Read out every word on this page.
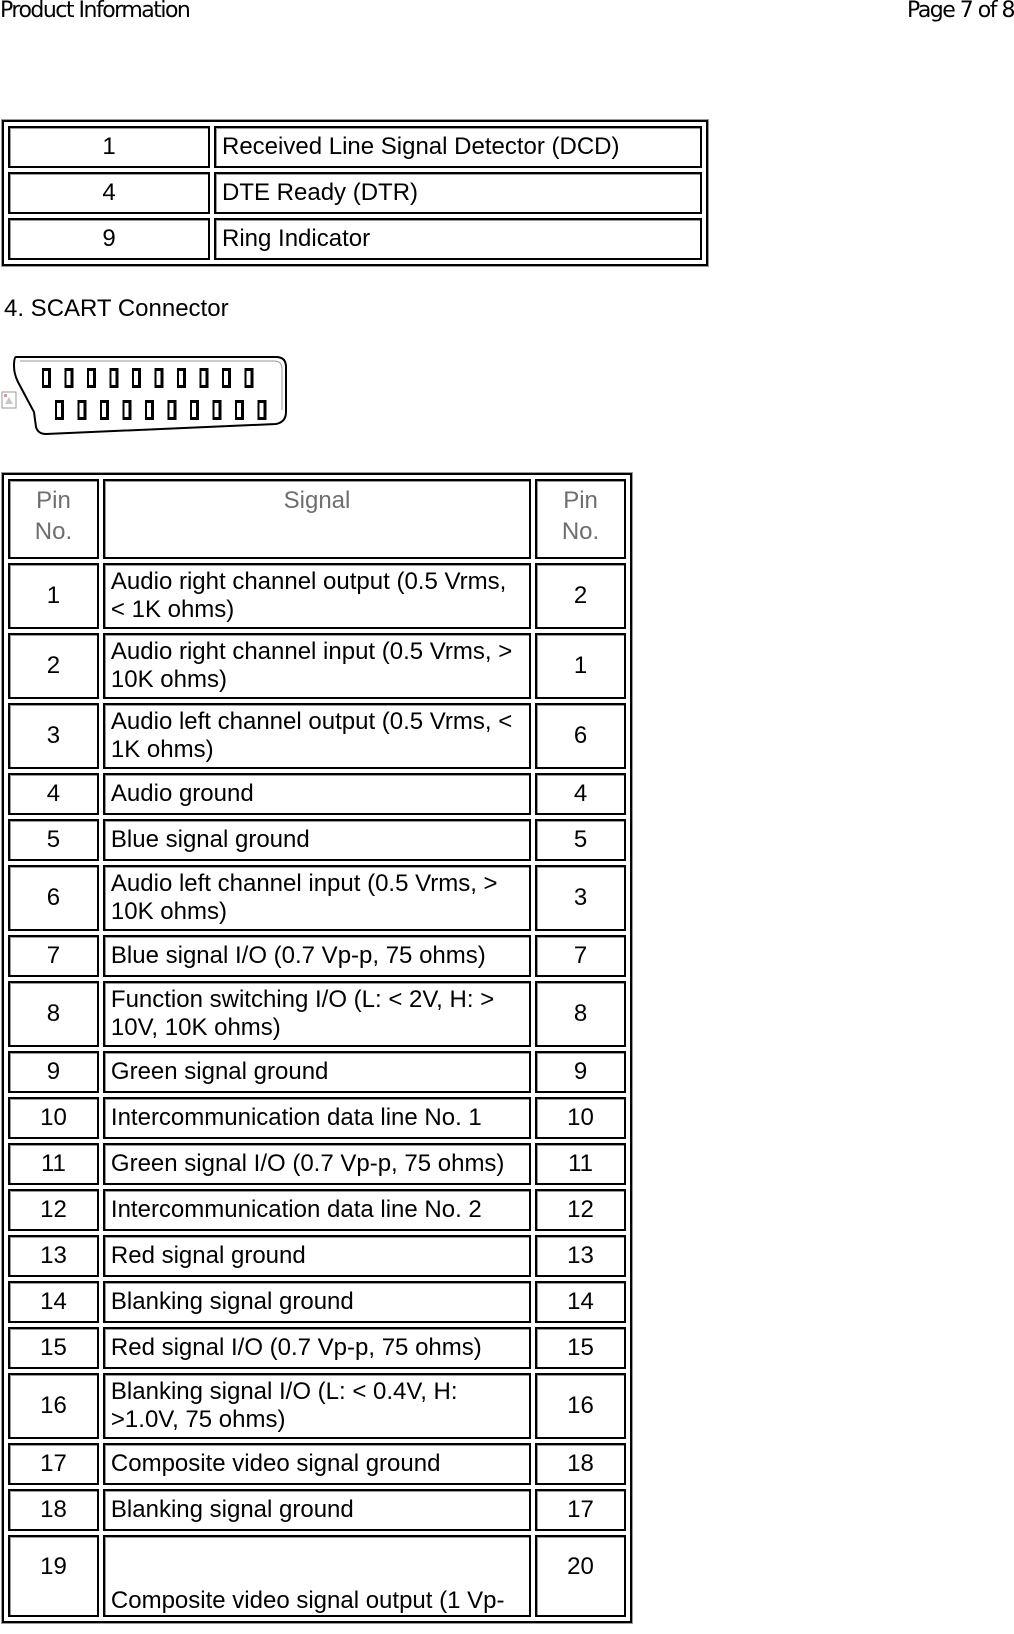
Product Information	Page 7 of 8
1	Received Line Signal Detector (DCD)
4	DTE Ready (DTR)
9	Ring Indicator
4. SCART Connector
Pin No.	Signal	Pin No.
1	Audio right channel output (0.5 Vrms, < 1K ohms)	2
2	Audio right channel input (0.5 Vrms, > 10K ohms)	1
3	Audio left channel output (0.5 Vrms, < 1K ohms)	6
4	Audio ground	4
5	Blue signal ground	5
6	Audio left channel input (0.5 Vrms, > 10K ohms)	3
7	Blue signal I/O (0.7 Vp-p, 75 ohms)	7
8	Function switching I/O (L: < 2V, H: > 10V, 10K ohms)	8
9	Green signal ground	9
10	Intercommunication data line No. 1	10
11	Green signal I/O (0.7 Vp-p, 75 ohms)	11
12	Intercommunication data line No. 2	12
13	Red signal ground	13
14	Blanking signal ground	14
15	Red signal I/O (0.7 Vp-p, 75 ohms)	15
16	Blanking signal I/O (L: < 0.4V, H: >1.0V, 75 ohms)	16
17	Composite video signal ground	18
18	Blanking signal ground	17
19	Composite video signal output (1 Vp-	20
